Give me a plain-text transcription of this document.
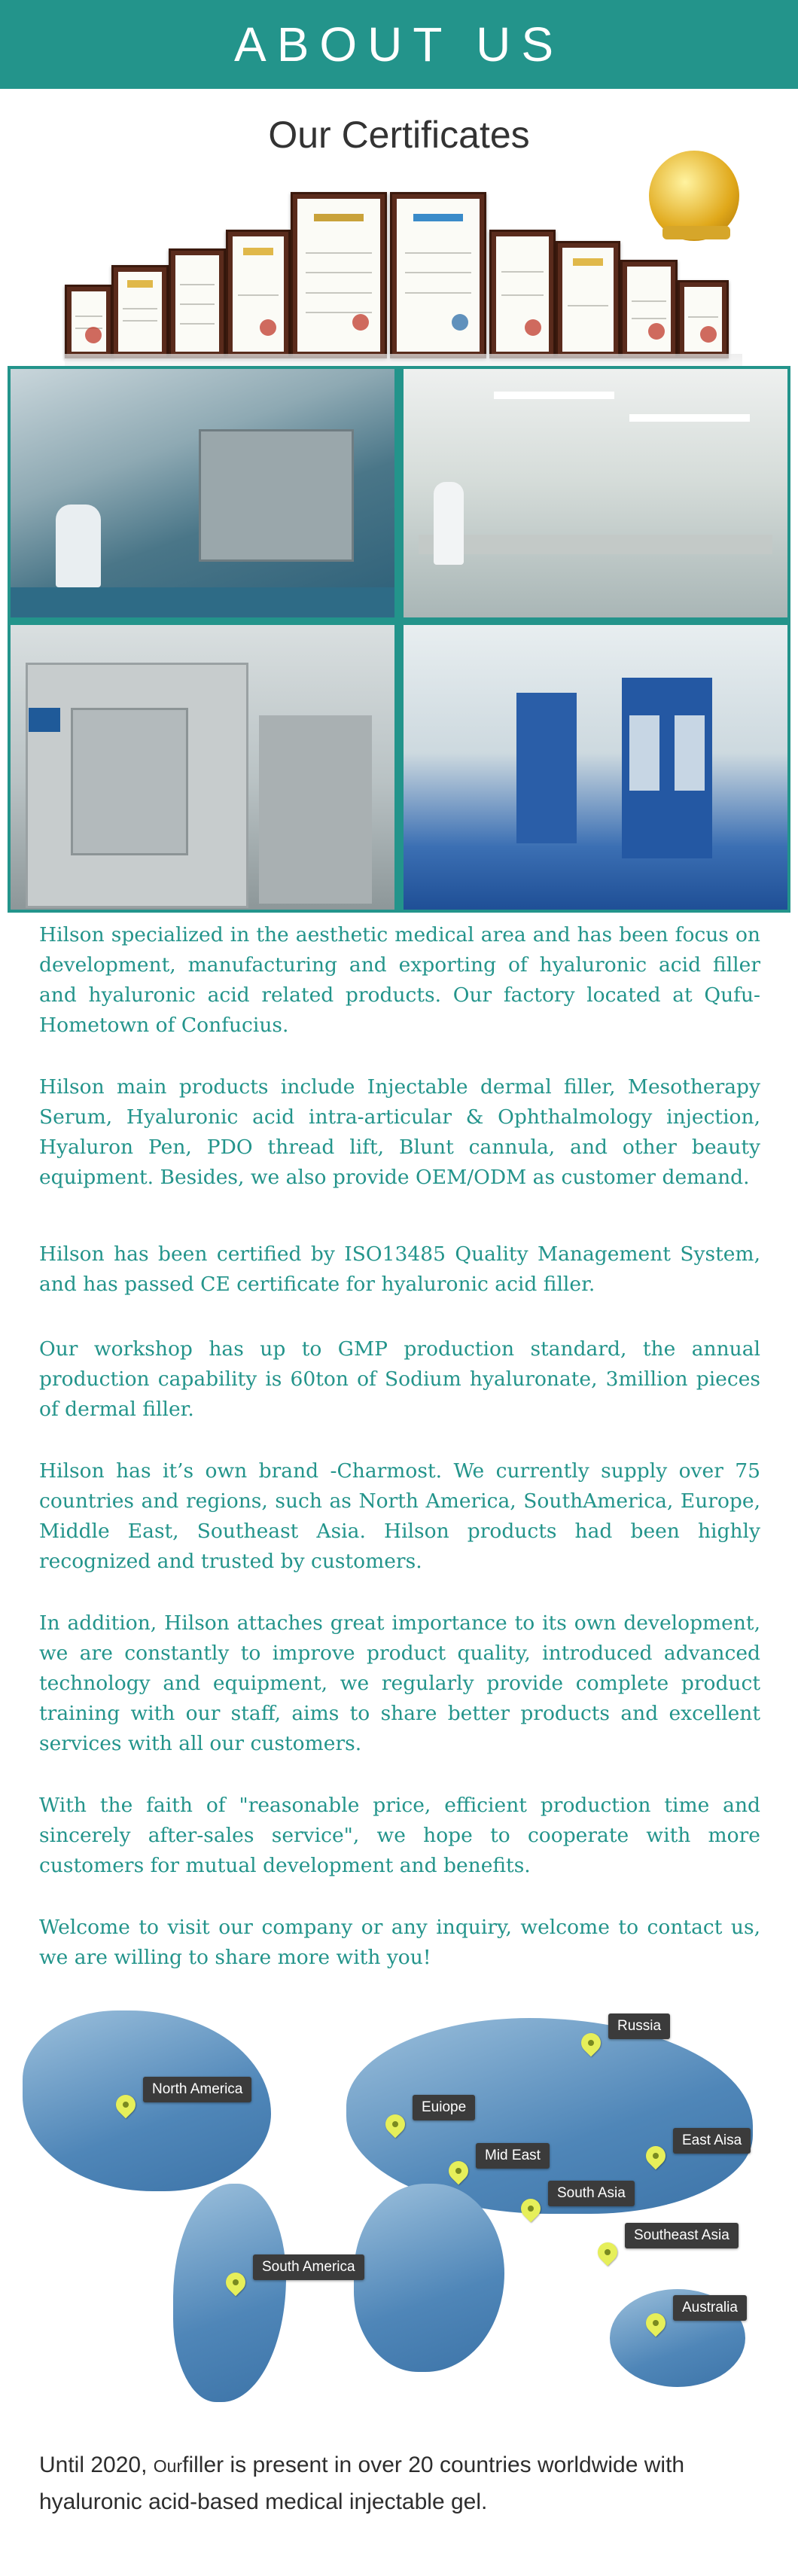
ABOUT US
Our Certificates

Hilson specialized in the aesthetic medical area and has been focus on development, manufacturing and exporting of hyaluronic acid filler and hyaluronic acid related products. Our factory located at Qufu-Hometown of Confucius.

Hilson main products include Injectable dermal filler, Mesotherapy Serum, Hyaluronic acid intra-articular & Ophthalmology injection, Hyaluron Pen, PDO thread lift, Blunt cannula, and other beauty equipment. Besides, we also provide OEM/ODM as customer demand.

Hilson has been certified by ISO13485 Quality Management System, and has passed CE certificate for hyaluronic acid filler.

Our workshop has up to GMP production standard, the annual production capability is 60ton of Sodium hyaluronate, 3million pieces of dermal filler.

Hilson has it’s own brand -Charmost. We currently supply over 75 countries and regions, such as North America, SouthAmerica, Europe, Middle East, Southeast Asia. Hilson products had been highly recognized and trusted by customers.

In addition, Hilson attaches great importance to its own development, we are constantly to improve product quality, introduced advanced technology and equipment, we regularly provide complete product training with our staff, aims to share better products and excellent services with all our customers.

With the faith of "reasonable price, efficient production time and sincerely after-sales service", we hope to cooperate with more customers for mutual development and benefits.

Welcome to visit our company or any inquiry, welcome to contact us, we are willing to share more with you!

North America
Euiope
Russia
East Aisa
Mid East
South Asia
Southeast Asia
South America
Australia
Until 2020, Ourfiller is present in over 20 countries worldwide with hyaluronic acid-based medical injectable gel.
